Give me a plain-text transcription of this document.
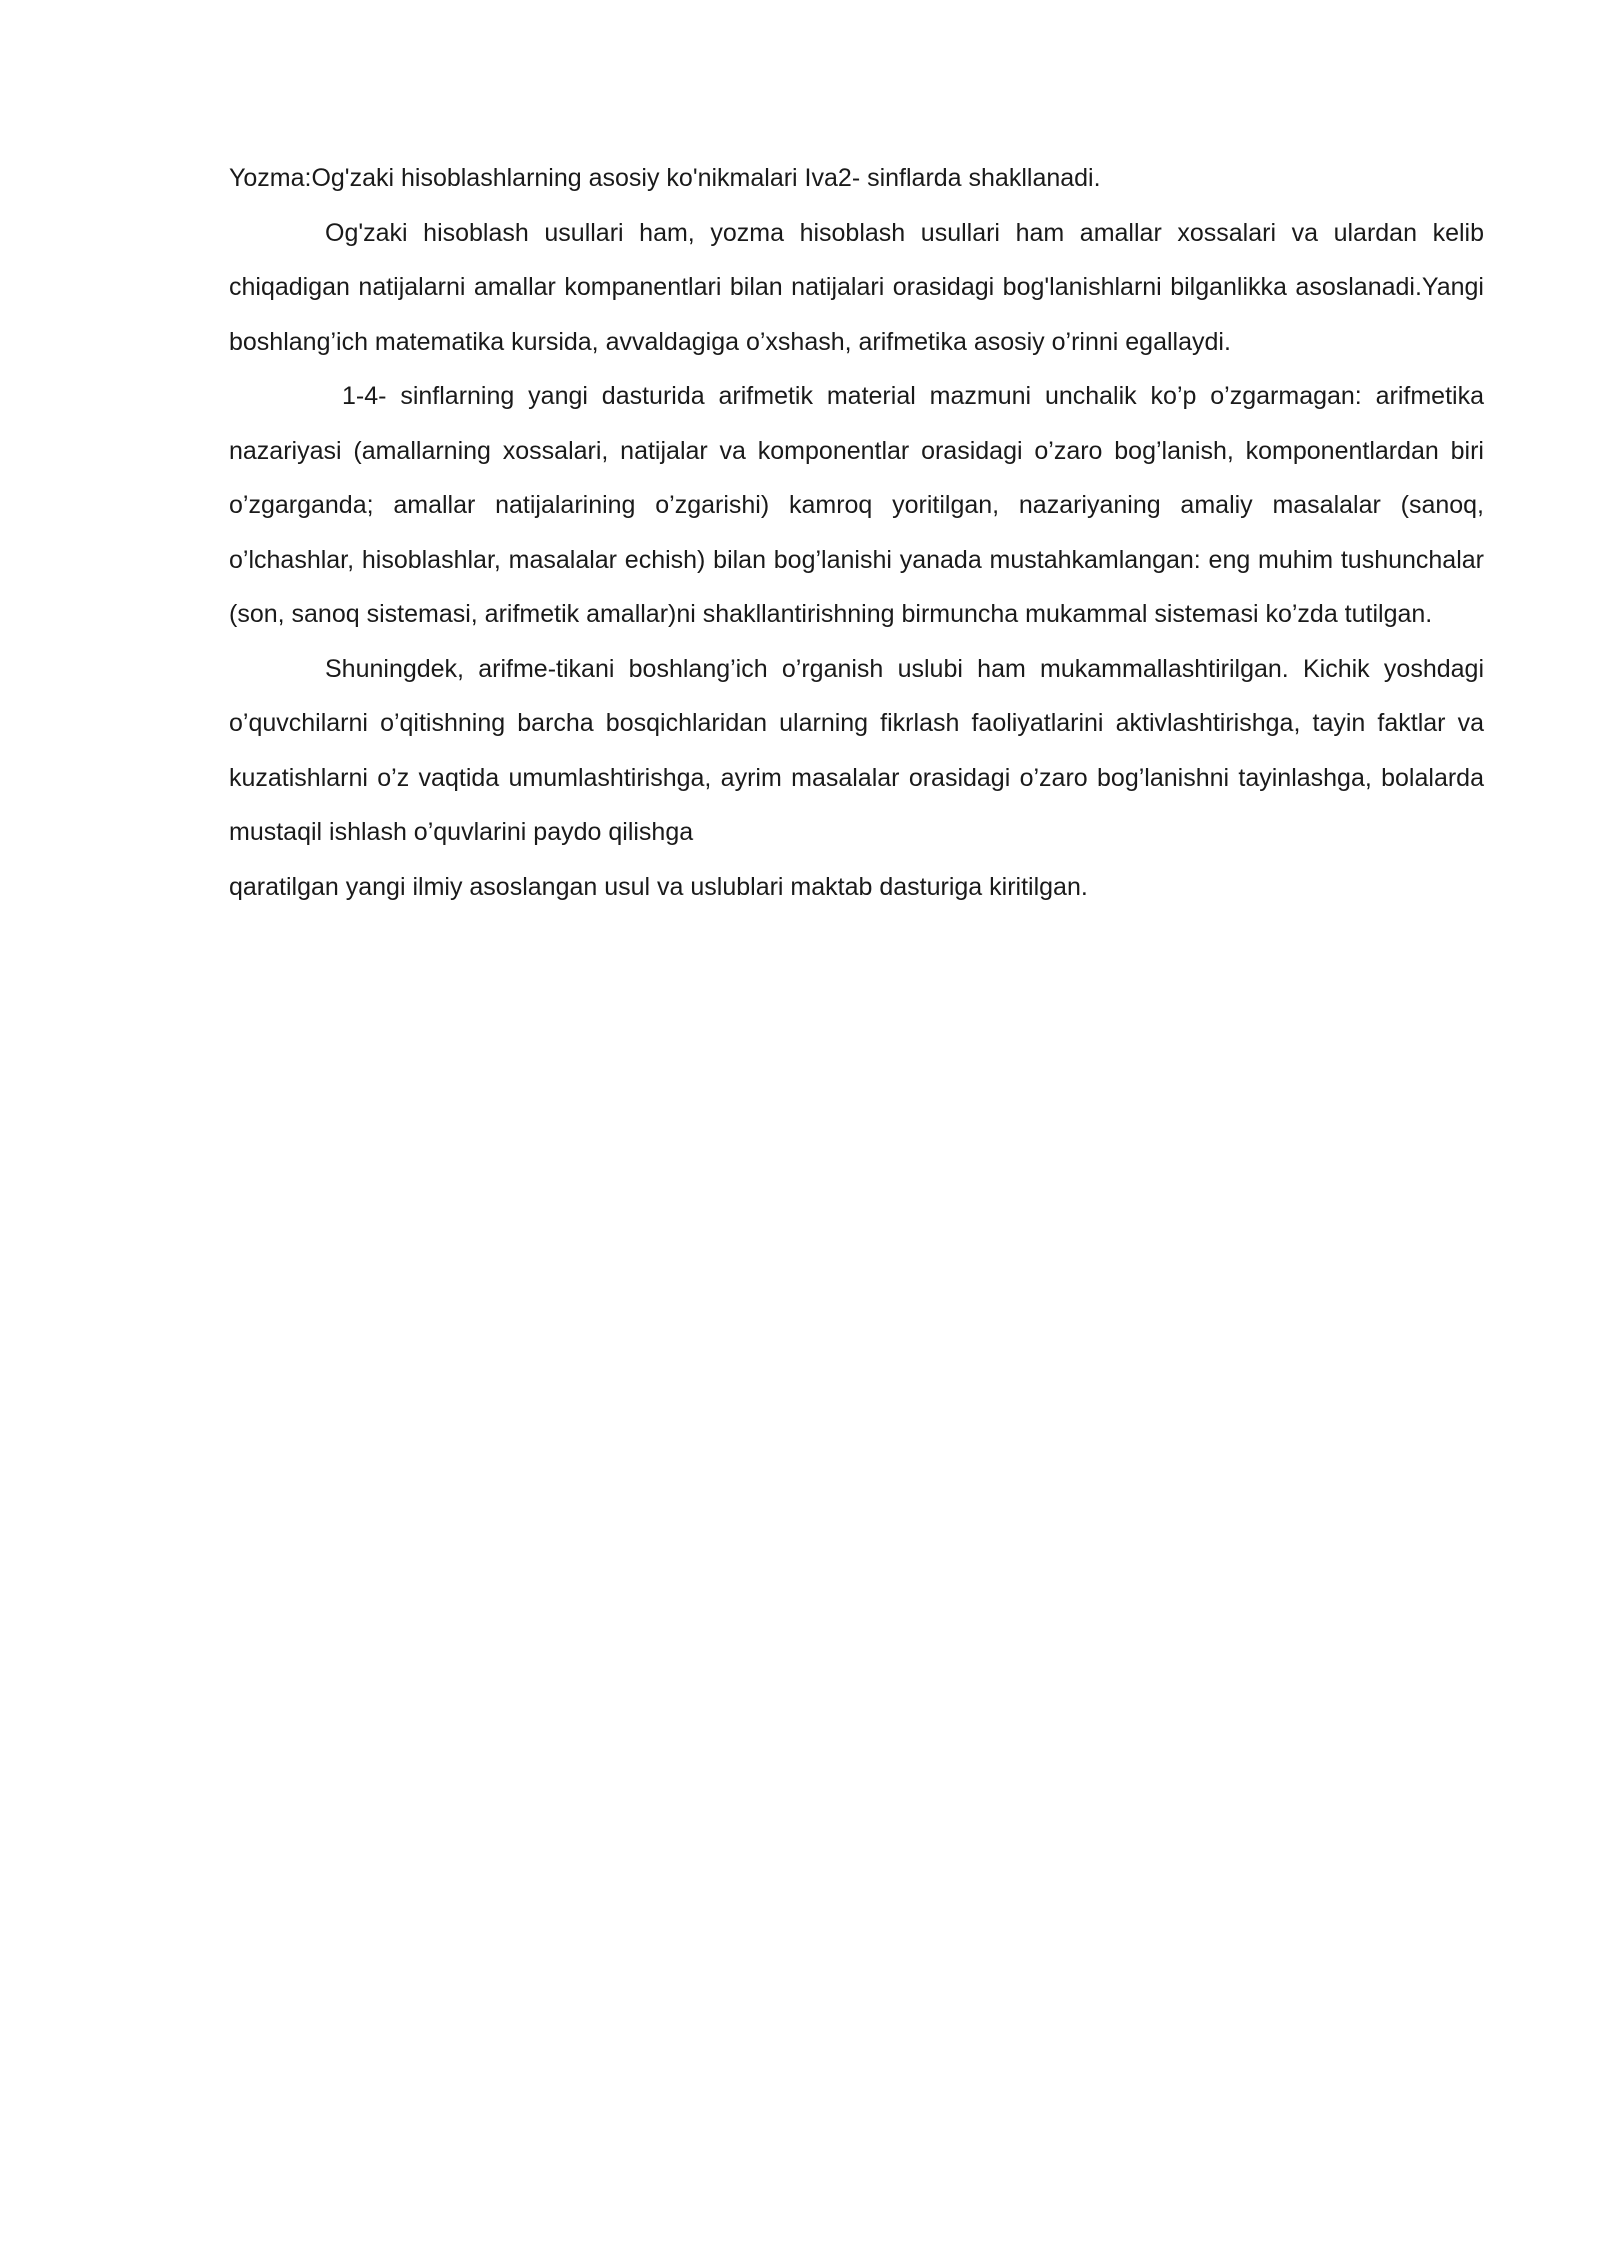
Yozma:Og'zaki hisoblashlarning asosiy ko'nikmalari Iva2- sinflarda shakllanadi.

Og'zaki hisoblash usullari ham, yozma hisoblash usullari ham amallar xossalari va ulardan kelib chiqadigan natijalarni amallar kompanentlari bilan natijalari orasidagi bog'lanishlarni bilganlikka asoslanadi.Yangi boshlang’ich matematika kursida, avvaldagiga o’xshash, arifmetika asosiy o’rinni egallaydi.

1-4- sinflarning yangi dasturida arifmetik material mazmuni unchalik ko’p o’zgarmagan: arifmetika nazariyasi (amallarning xossalari, natijalar va komponentlar orasidagi o’zaro bog’lanish, komponentlardan biri o’zgarganda; amallar natijalarining o’zgarishi) kamroq yoritilgan, nazariyaning amaliy masalalar (sanoq, o’lchashlar, hisoblashlar, masalalar echish) bilan bog’lanishi yanada mustahkamlangan: eng muhim tushunchalar (son, sanoq sistemasi, arifmetik amallar)ni shakllantirishning birmuncha mukammal sistemasi ko’zda tutilgan.

Shuningdek, arifme-tikani boshlang’ich o’rganish uslubi ham mukammallashtirilgan. Kichik yoshdagi o’quvchilarni o’qitishning barcha bosqichlaridan ularning fikrlash faoliyatlarini aktivlashtirishga, tayin faktlar va kuzatishlarni o’z vaqtida umumlashtirishga, ayrim masalalar orasidagi o’zaro bog’lanishni tayinlashga, bolalarda mustaqil ishlash o’quvlarini paydo qilishga

qaratilgan yangi ilmiy asoslangan usul va uslublari maktab dasturiga kiritilgan.
